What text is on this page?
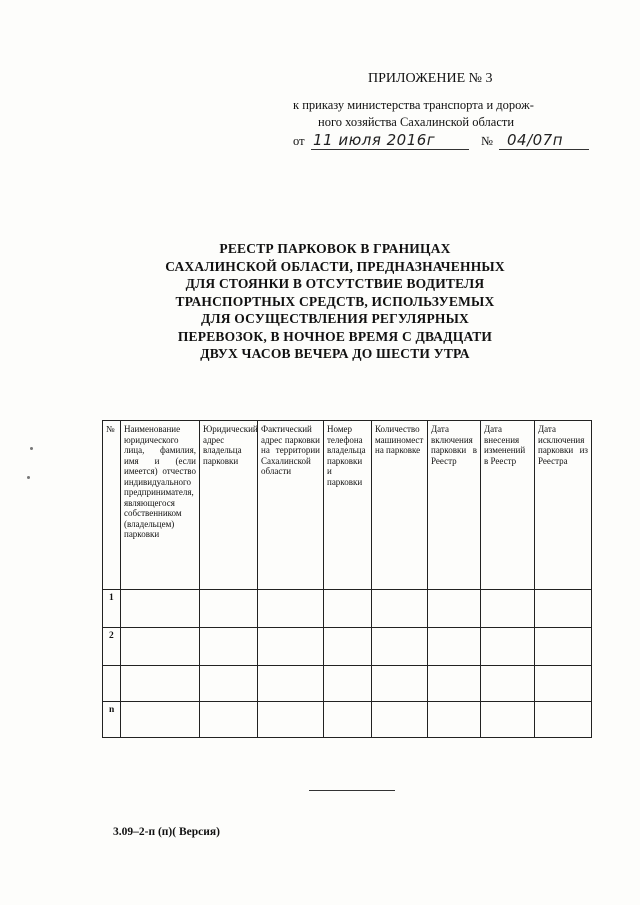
ПРИЛОЖЕНИЕ № 3
к приказу министерства транспорта и дорож-
ного хозяйства Сахалинской области
от 11 июля 2016г	№ 04/07п
РЕЕСТР ПАРКОВОК В ГРАНИЦАХ
САХАЛИНСКОЙ ОБЛАСТИ, ПРЕДНАЗНАЧЕННЫХ
ДЛЯ СТОЯНКИ В ОТСУТСТВИЕ ВОДИТЕЛЯ
ТРАНСПОРТНЫХ СРЕДСТВ, ИСПОЛЬЗУЕМЫХ
ДЛЯ ОСУЩЕСТВЛЕНИЯ РЕГУЛЯРНЫХ
ПЕРЕВОЗОК, В НОЧНОЕ ВРЕМЯ С ДВАДЦАТИ
ДВУХ ЧАСОВ ВЕЧЕРА ДО ШЕСТИ УТРА
№	Наименование юридического лица, фамилия, имя и (если имеется) отчество индивидуального предпринимателя, являющегося собственником (владельцем) парковки	Юридический адрес владельца парковки	Фактический адрес парковки на территории Сахалинской области	Номер телефона владельца парковки и парковки	Количество машиномест на парковке	Дата включения парковки в Реестр	Дата внесения изменений в Реестр	Дата исключения парковки из Реестра
1								
2								

n								
3.09–2-п (п)( Версия)
